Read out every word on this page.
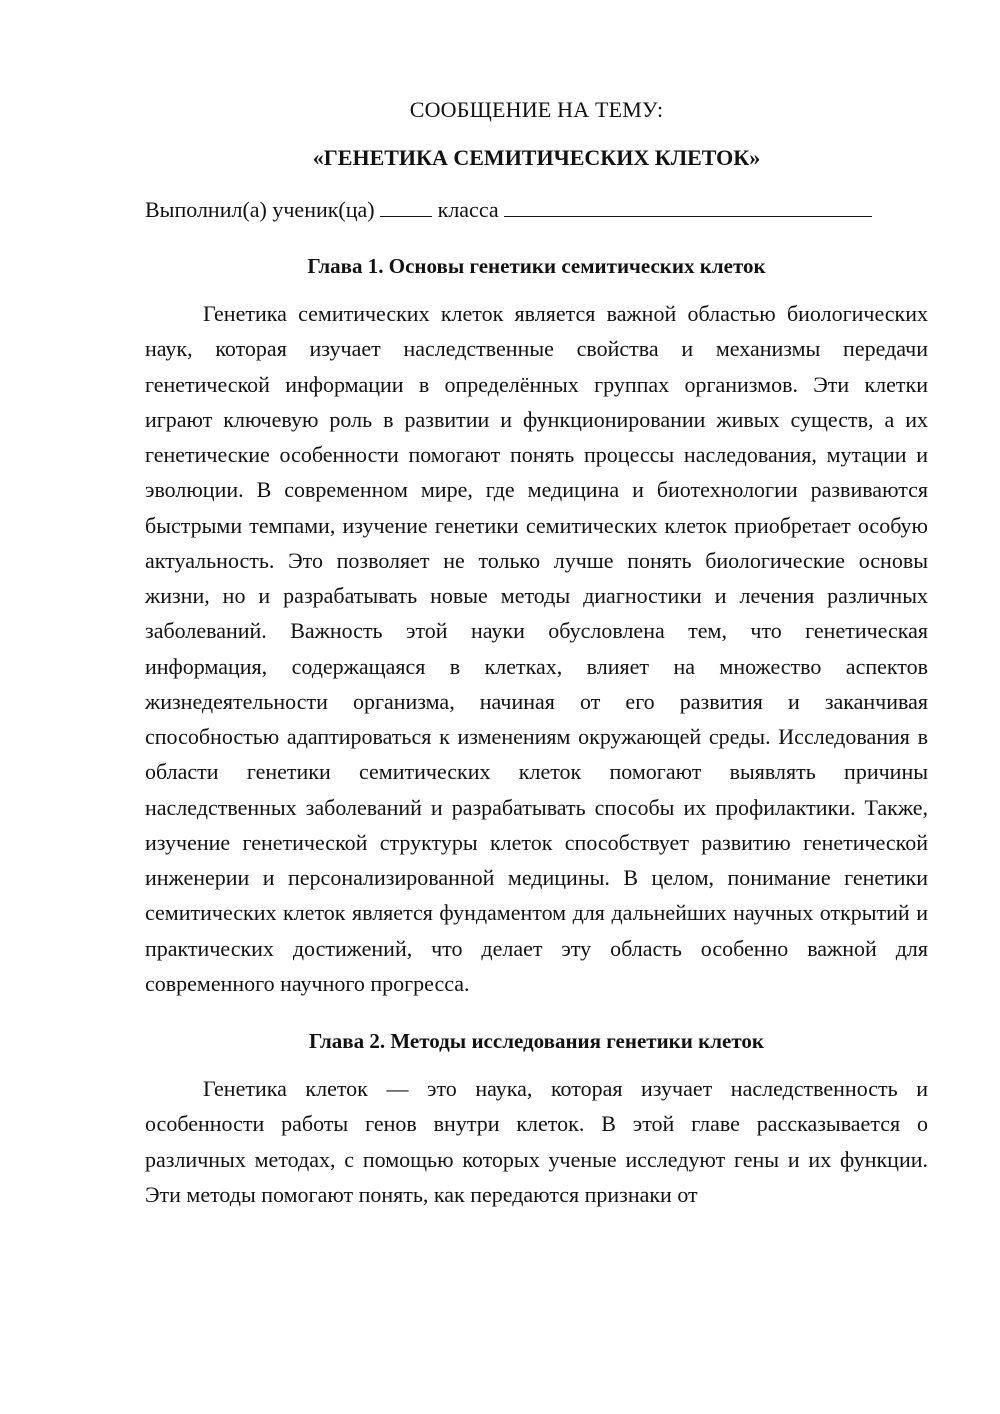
СООБЩЕНИЕ НА ТЕМУ:
«ГЕНЕТИКА СЕМИТИЧЕСКИХ КЛЕТОК»

Выполнил(а) ученик(ца)	класса

Глава 1. Основы генетики семитических клеток

Генетика семитических клеток является важной областью биологических наук, которая изучает наследственные свойства и механизмы передачи генетической информации в определённых группах организмов. Эти клетки играют ключевую роль в развитии и функционировании живых существ, а их генетические особенности помогают понять процессы наследования, мутации и эволюции. В современном мире, где медицина и биотехнологии развиваются быстрыми темпами, изучение генетики семитических клеток приобретает особую актуальность. Это позволяет не только лучше понять биологические основы жизни, но и разрабатывать новые методы диагностики и лечения различных заболеваний. Важность этой науки обусловлена тем, что генетическая информация, содержащаяся в клетках, влияет на множество аспектов жизнедеятельности организма, начиная от его развития и заканчивая способностью адаптироваться к изменениям окружающей среды. Исследования в области генетики семитических клеток помогают выявлять причины наследственных заболеваний и разрабатывать способы их профилактики. Также, изучение генетической структуры клеток способствует развитию генетической инженерии и персонализированной медицины. В целом, понимание генетики семитических клеток является фундаментом для дальнейших научных открытий и практических достижений, что делает эту область особенно важной для современного научного прогресса.

Глава 2. Методы исследования генетики клеток

Генетика клеток — это наука, которая изучает наследственность и особенности работы генов внутри клеток. В этой главе рассказывается о различных методах, с помощью которых ученые исследуют гены и их функции. Эти методы помогают понять, как передаются признаки от
